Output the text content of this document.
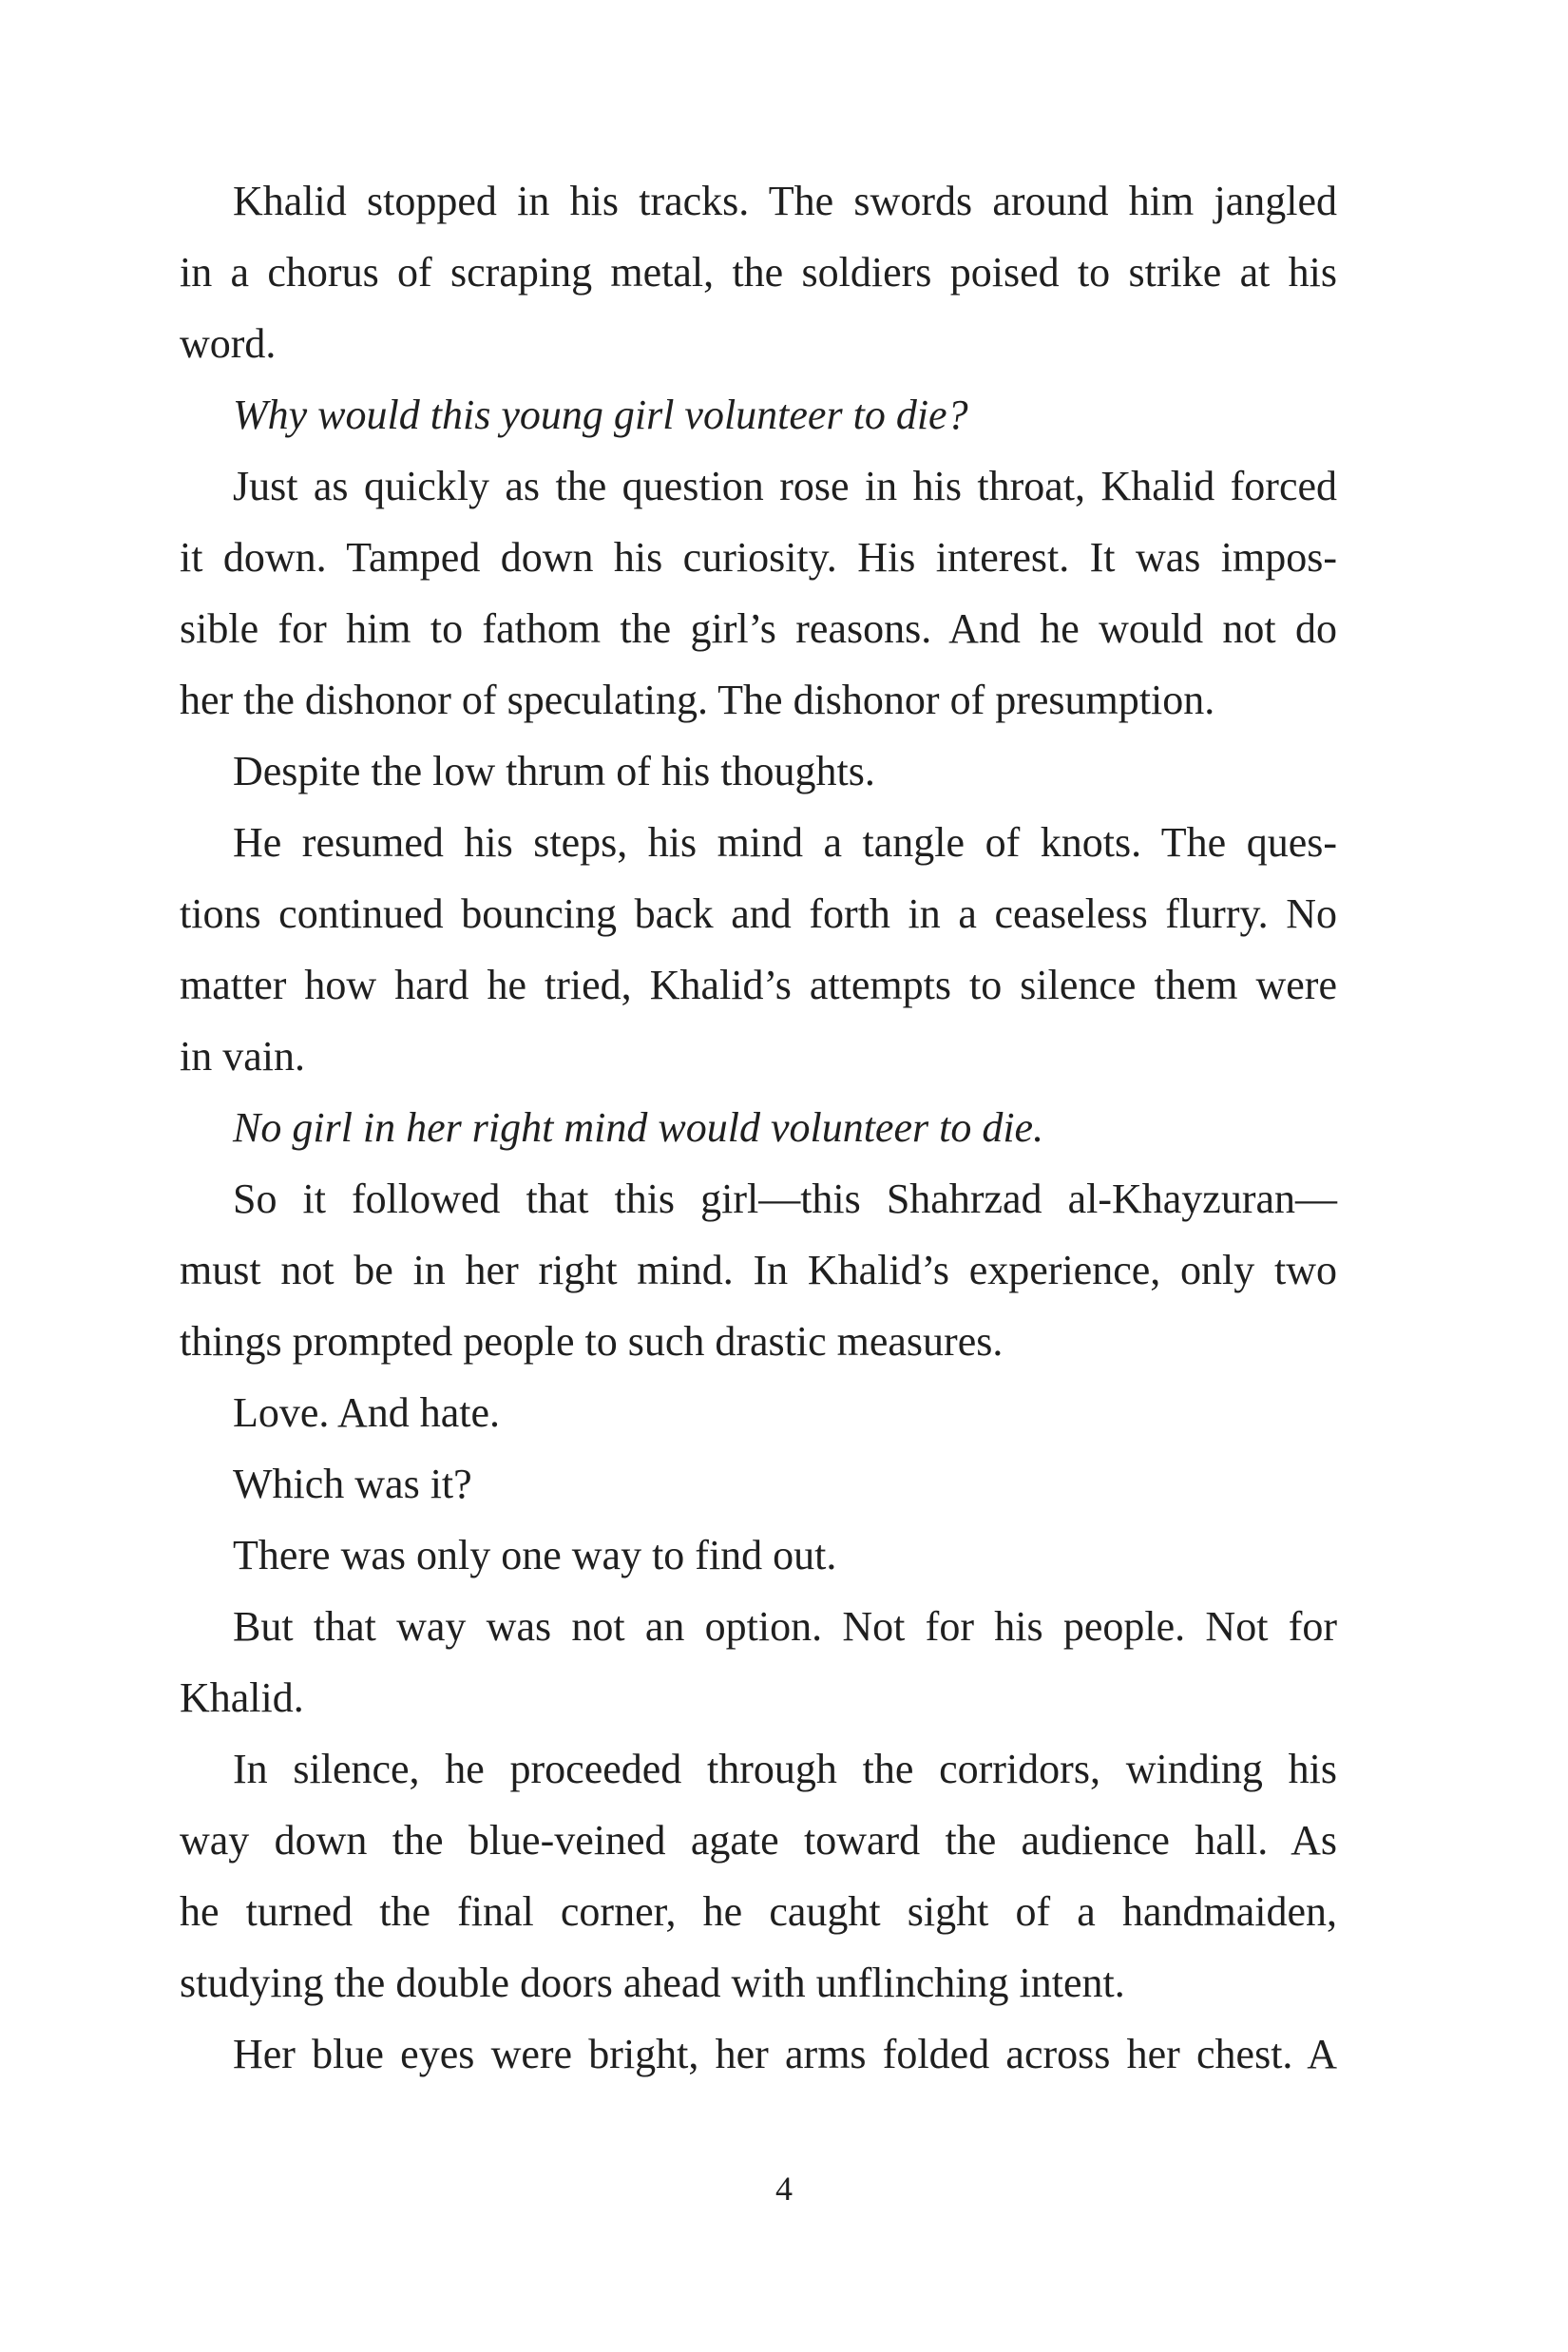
Khalid stopped in his tracks. The swords around him jangled
in a chorus of scraping metal, the soldiers poised to strike at his
word.
Why would this young girl volunteer to die?
Just as quickly as the question rose in his throat, Khalid forced
it down. Tamped down his curiosity. His interest. It was impos-
sible for him to fathom the girl’s reasons. And he would not do
her the dishonor of speculating. The dishonor of presumption.
Despite the low thrum of his thoughts.
He resumed his steps, his mind a tangle of knots. The ques-
tions continued bouncing back and forth in a ceaseless flurry. No
matter how hard he tried, Khalid’s attempts to silence them were
in vain.
No girl in her right mind would volunteer to die.
So it followed that this girl—this Shahrzad al-Khayzuran—
must not be in her right mind. In Khalid’s experience, only two
things prompted people to such drastic measures.
Love. And hate.
Which was it?
There was only one way to find out.
But that way was not an option. Not for his people. Not for
Khalid.
In silence, he proceeded through the corridors, winding his
way down the blue-veined agate toward the audience hall. As
he turned the final corner, he caught sight of a handmaiden,
studying the double doors ahead with unflinching intent.
Her blue eyes were bright, her arms folded across her chest. A
4
